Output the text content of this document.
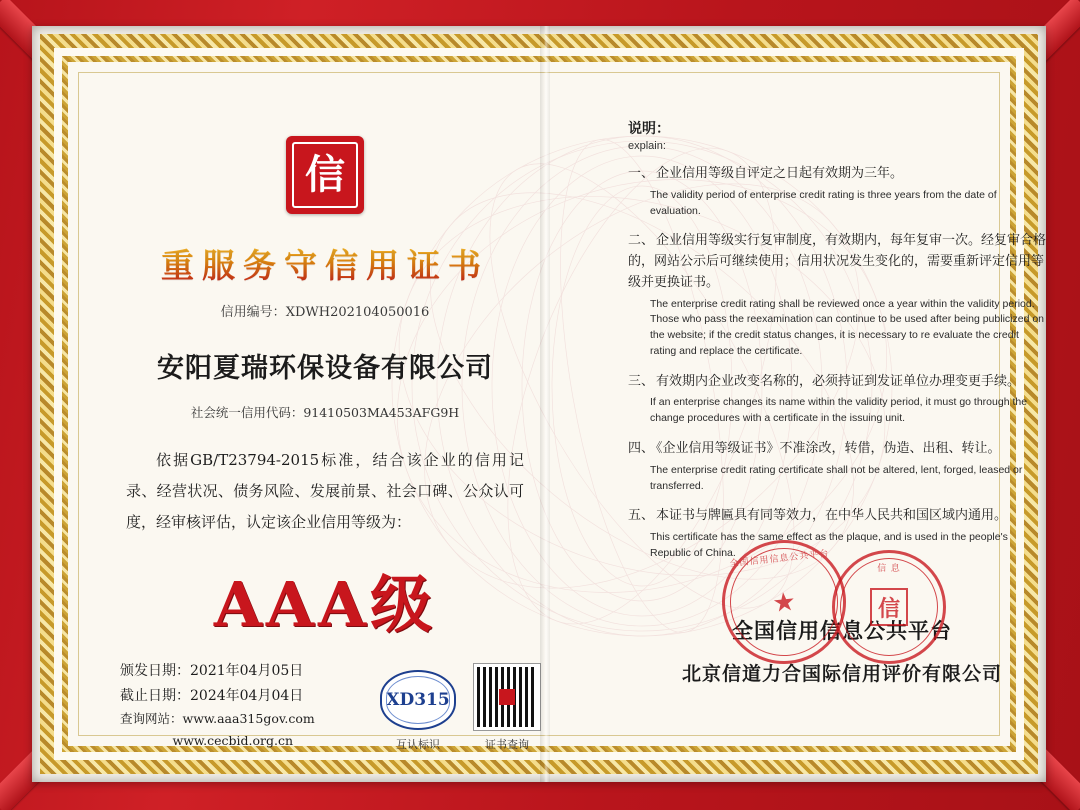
信
重服务守信用证书
信用编号：XDWH202104050016
安阳夏瑞环保设备有限公司
社会统一信用代码：91410503MA453AFG9H
依据GB/T23794-2015标准，结合该企业的信用记录、经营状况、债务风险、发展前景、社会口碑、公众认可度，经审核评估，认定该企业信用等级为：
AAA级
颁发日期：2021年04月05日
截止日期：2024年04月04日
查询网站：www.aaa315gov.com
www.cecbid.org.cn
XD315
互认标识	证书查询
说明：
explain:
一、 企业信用等级自评定之日起有效期为三年。
The validity period of enterprise credit rating is three years from the date of evaluation.
二、 企业信用等级实行复审制度，有效期内，每年复审一次。经复审合格的，网站公示后可继续使用；信用状况发生变化的，需要重新评定信用等级并更换证书。
The enterprise credit rating shall be reviewed once a year within the validity period. Those who pass the reexamination can continue to be used after being publicized on the website; if the credit status changes, it is necessary to re evaluate the credit rating and replace the certificate.
三、 有效期内企业改变名称的，必须持证到发证单位办理变更手续。
If an enterprise changes its name within the validity period, it must go through the change procedures with a certificate in the issuing unit.
四、 《企业信用等级证书》不准涂改，转借，伪造、出租、转让。
The enterprise credit rating certificate shall not be altered, lent, forged, leased or transferred.
五、 本证书与牌匾具有同等效力，在中华人民共和国区域内通用。
This certificate has the same effect as the plaque, and is used in the people's Republic of China.
全国信用信息公共平台
北京信道力合国际信用评价有限公司
全国信用信息公共平台
★
信 息
信
